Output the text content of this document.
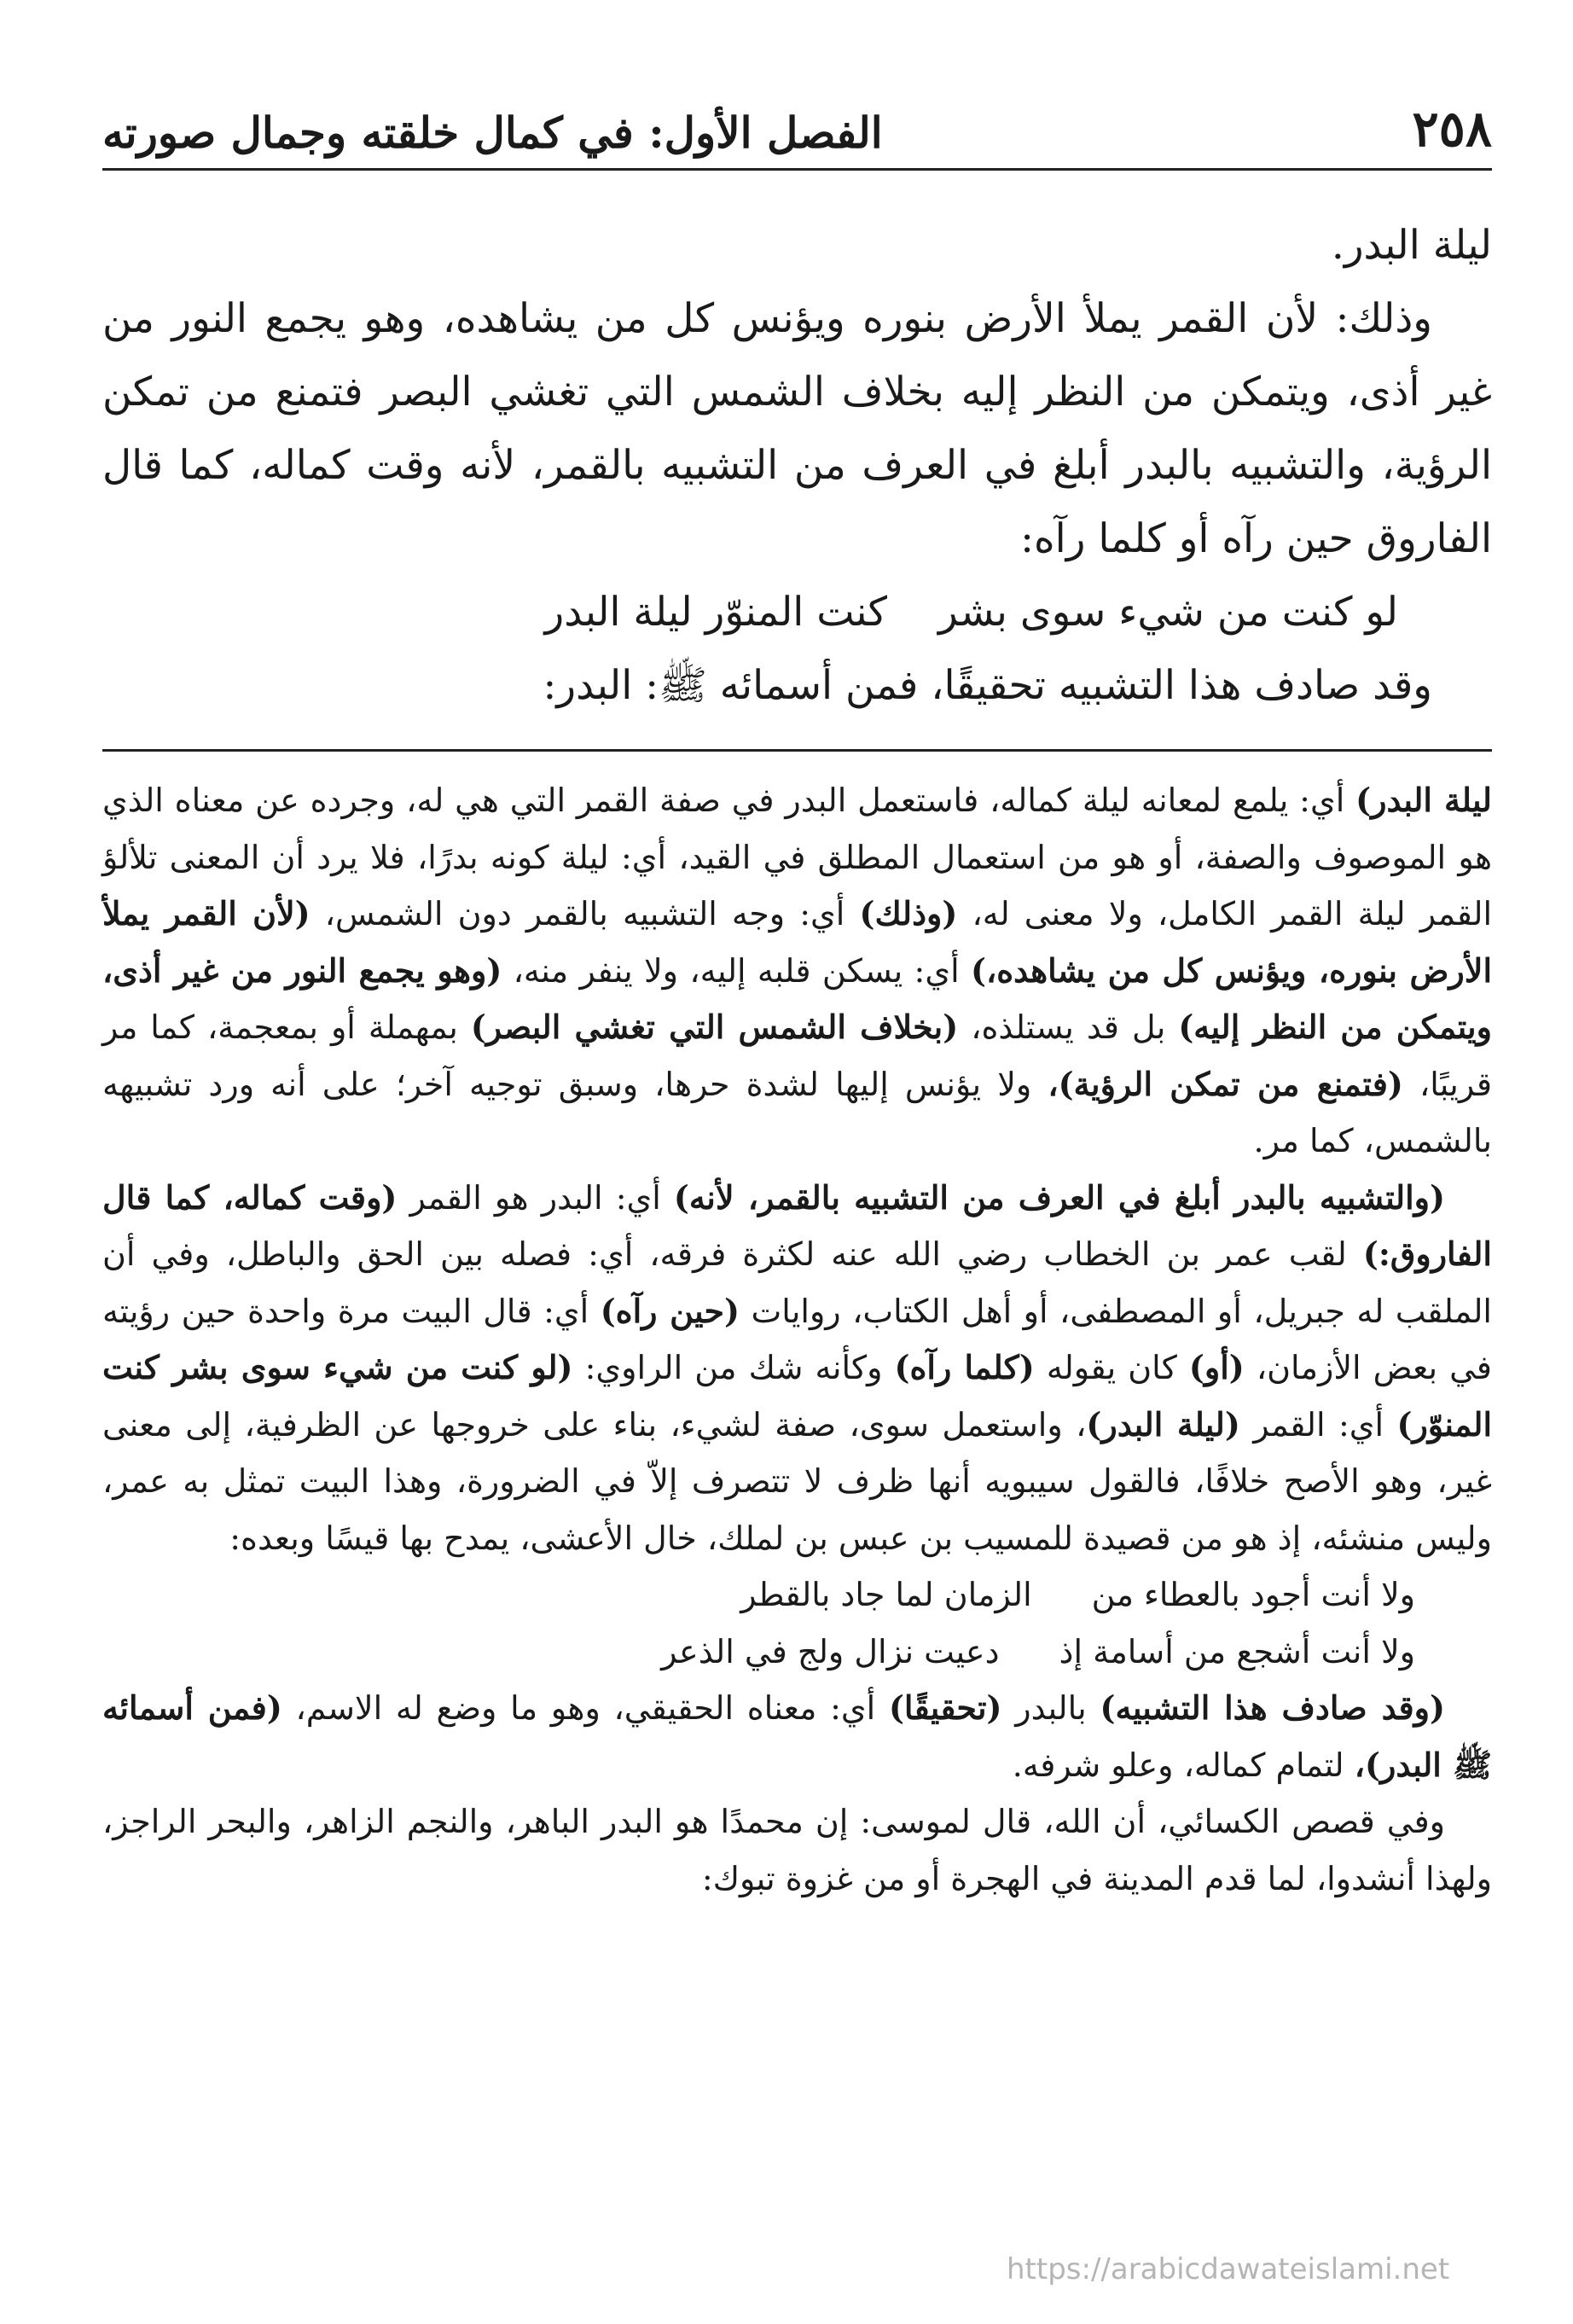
٢٥٨
الفصل الأول: في كمال خلقته وجمال صورته

ليلة البدر.

وذلك: لأن القمر يملأ الأرض بنوره ويؤنس كل من يشاهده، وهو يجمع النور من غير أذى، ويتمكن من النظر إليه بخلاف الشمس التي تغشي البصر فتمنع من تمكن الرؤية، والتشبيه بالبدر أبلغ في العرف من التشبيه بالقمر، لأنه وقت كماله، كما قال الفاروق حين رآه أو كلما رآه:

لو كنت من شيء سوى بشر
كنت المنوّر ليلة البدر

وقد صادف هذا التشبيه تحقيقًا، فمن أسمائه ﷺ: البدر:

ليلة البدر) أي: يلمع لمعانه ليلة كماله، فاستعمل البدر في صفة القمر التي هي له، وجرده عن معناه الذي هو الموصوف والصفة، أو هو من استعمال المطلق في القيد، أي: ليلة كونه بدرًا، فلا يرد أن المعنى تلألؤ القمر ليلة القمر الكامل، ولا معنى له، (وذلك) أي: وجه التشبيه بالقمر دون الشمس، (لأن القمر يملأ الأرض بنوره، ويؤنس كل من يشاهده،) أي: يسكن قلبه إليه، ولا ينفر منه، (وهو يجمع النور من غير أذى، ويتمكن من النظر إليه) بل قد يستلذه، (بخلاف الشمس التي تغشي البصر) بمهملة أو بمعجمة، كما مر قريبًا، (فتمنع من تمكن الرؤية)، ولا يؤنس إليها لشدة حرها، وسبق توجيه آخر؛ على أنه ورد تشبيهه بالشمس، كما مر.

(والتشبيه بالبدر أبلغ في العرف من التشبيه بالقمر، لأنه) أي: البدر هو القمر (وقت كماله، كما قال الفاروق:) لقب عمر بن الخطاب رضي الله عنه لكثرة فرقه، أي: فصله بين الحق والباطل، وفي أن الملقب له جبريل، أو المصطفى، أو أهل الكتاب، روايات (حين رآه) أي: قال البيت مرة واحدة حين رؤيته في بعض الأزمان، (أو) كان يقوله (كلما رآه) وكأنه شك من الراوي: (لو كنت من شيء سوى بشر كنت المنوّر) أي: القمر (ليلة البدر)، واستعمل سوى، صفة لشيء، بناء على خروجها عن الظرفية، إلى معنى غير، وهو الأصح خلافًا، فالقول سيبويه أنها ظرف لا تتصرف إلاّ في الضرورة، وهذا البيت تمثل به عمر، وليس منشئه، إذ هو من قصيدة للمسيب بن عبس بن لملك، خال الأعشى، يمدح بها قيسًا وبعده:

ولا أنت أجود بالعطاء من
الزمان لما جاد بالقطر
ولا أنت أشجع من أسامة إذ
دعيت نزال ولج في الذعر

(وقد صادف هذا التشبيه) بالبدر (تحقيقًا) أي: معناه الحقيقي، وهو ما وضع له الاسم، (فمن أسمائه ﷺ البدر)، لتمام كماله، وعلو شرفه.

وفي قصص الكسائي، أن الله، قال لموسى: إن محمدًا هو البدر الباهر، والنجم الزاهر، والبحر الراجز، ولهذا أنشدوا، لما قدم المدينة في الهجرة أو من غزوة تبوك:

https://arabicdawateislami.net
